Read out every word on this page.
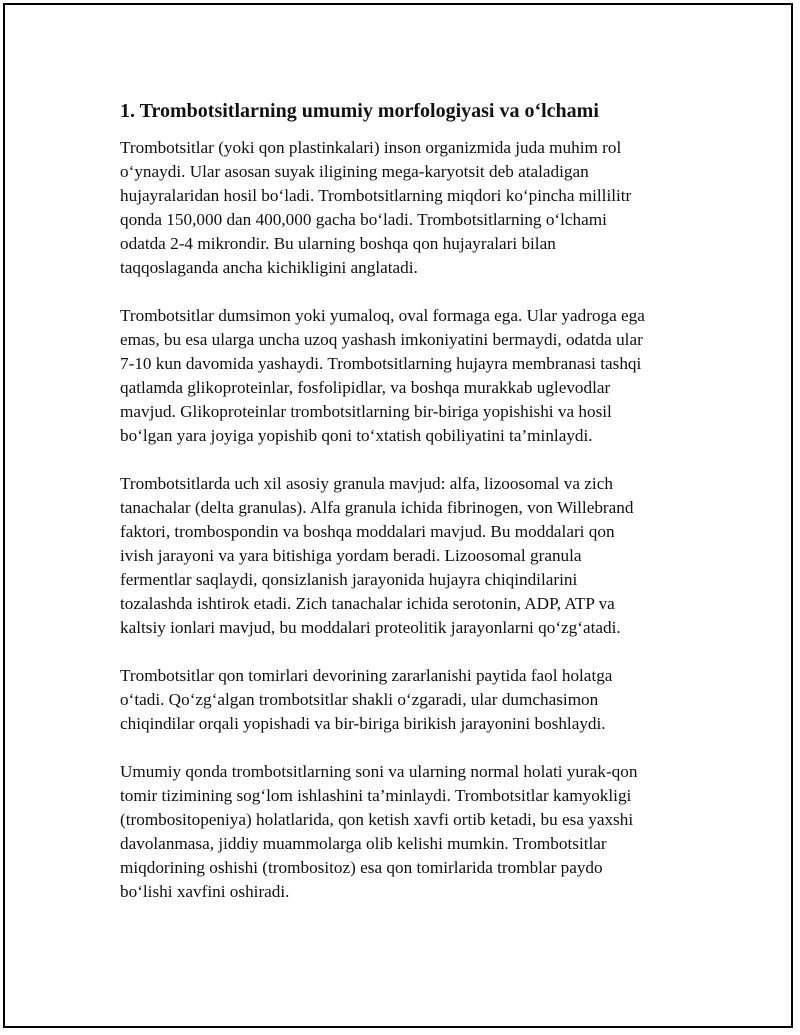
1. Trombotsitlarning umumiy morfologiyasi va o‘lchami
Trombotsitlar (yoki qon plastinkalari) inson organizmida juda muhim rol
o‘ynaydi. Ular asosan suyak iligining mega-karyotsit deb ataladigan
hujayralaridan hosil bo‘ladi. Trombotsitlarning miqdori ko‘pincha millilitr
qonda 150,000 dan 400,000 gacha bo‘ladi. Trombotsitlarning o‘lchami
odatda 2-4 mikrondir. Bu ularning boshqa qon hujayralari bilan
taqqoslaganda ancha kichikligini anglatadi.
Trombotsitlar dumsimon yoki yumaloq, oval formaga ega. Ular yadroga ega
emas, bu esa ularga uncha uzoq yashash imkoniyatini bermaydi, odatda ular
7-10 kun davomida yashaydi. Trombotsitlarning hujayra membranasi tashqi
qatlamda glikoproteinlar, fosfolipidlar, va boshqa murakkab uglevodlar
mavjud. Glikoproteinlar trombotsitlarning bir-biriga yopishishi va hosil
bo‘lgan yara joyiga yopishib qoni to‘xtatish qobiliyatini ta’minlaydi.
Trombotsitlarda uch xil asosiy granula mavjud: alfa, lizoosomal va zich
tanachalar (delta granulas). Alfa granula ichida fibrinogen, von Willebrand
faktori, trombospondin va boshqa moddalari mavjud. Bu moddalari qon
ivish jarayoni va yara bitishiga yordam beradi. Lizoosomal granula
fermentlar saqlaydi, qonsizlanish jarayonida hujayra chiqindilarini
tozalashda ishtirok etadi. Zich tanachalar ichida serotonin, ADP, ATP va
kaltsiy ionlari mavjud, bu moddalari proteolitik jarayonlarni qo‘zg‘atadi.
Trombotsitlar qon tomirlari devorining zararlanishi paytida faol holatga
o‘tadi. Qo‘zg‘algan trombotsitlar shakli o‘zgaradi, ular dumchasimon
chiqindilar orqali yopishadi va bir-biriga birikish jarayonini boshlaydi.
Umumiy qonda trombotsitlarning soni va ularning normal holati yurak-qon
tomir tizimining sog‘lom ishlashini ta’minlaydi. Trombotsitlar kamyokligi
(trombositopeniya) holatlarida, qon ketish xavfi ortib ketadi, bu esa yaxshi
davolanmasa, jiddiy muammolarga olib kelishi mumkin. Trombotsitlar
miqdorining oshishi (trombositoz) esa qon tomirlarida tromblar paydo
bo‘lishi xavfini oshiradi.
